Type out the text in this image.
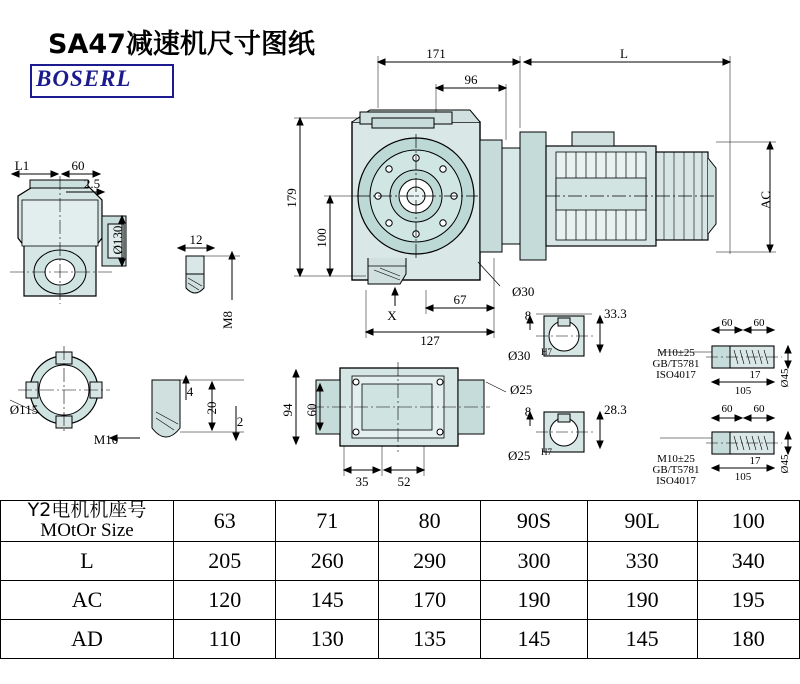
SA47减速机尺寸图纸
BOSERL
171
96
L
179
100
127
67
X
Ø30
AC
L1	60
2.5
Ø130	12
M8
Ø115
M10
4
20
2
94 60
35 52
8	33.3
Ø30 H7
8	28.3
Ø25 H7
Ø25
60 60
17
105
Ø45
M10±25
GB/T5781
ISO4017
60 60
17
105
Ø45
M10±25
GB/T5781
ISO4017
Y2电机机座号
MOtOr Size	63	71	80	90S	90L	100
L	205	260	290	300	330	340
AC	120	145	170	190	190	195
AD	110	130	135	145	145	180
